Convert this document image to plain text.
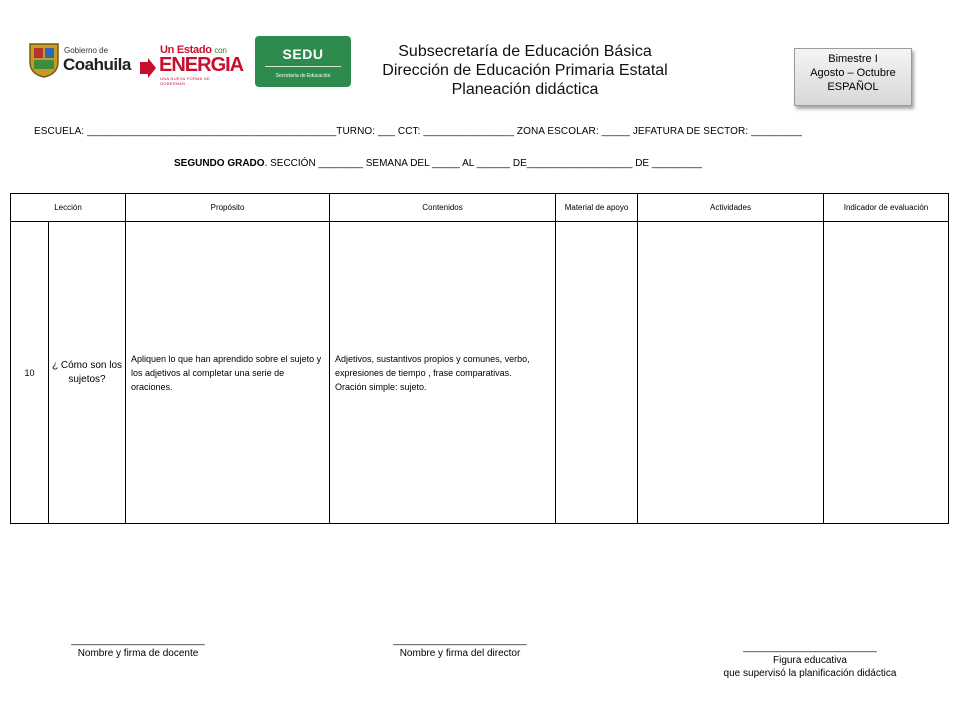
Gobierno de
Coahuila
Un Estado con
ENERGIA
UNA NUEVA FORMA DE GOBERNAR
SEDU
Secretaría de Educación
Subsecretaría de Educación Básica
Dirección de Educación Primaria Estatal
Planeación didáctica
Bimestre I
Agosto – Octubre
ESPAÑOL
ESCUELA: ____________________________________________TURNO: ___ CCT: ________________ ZONA ESCOLAR: _____ JEFATURA DE SECTOR: _________
SEGUNDO GRADO. SECCIÓN ________ SEMANA DEL _____ AL ______ DE___________________ DE _________
Lección		Propósito	Contenidos	Material de apoyo	Actividades	Indicador de evaluación
10	¿ Cómo son los sujetos?	Apliquen lo que han aprendido sobre el sujeto y los adjetivos al completar una serie de oraciones.	Adjetivos, sustantivos propios y comunes, verbo, expresiones de tiempo , frase comparativas.
Oración simple: sujeto.			

________________________
Nombre y firma de docente
________________________
Nombre y firma del director
________________________
Figura educativa
que supervisó la planificación didáctica
